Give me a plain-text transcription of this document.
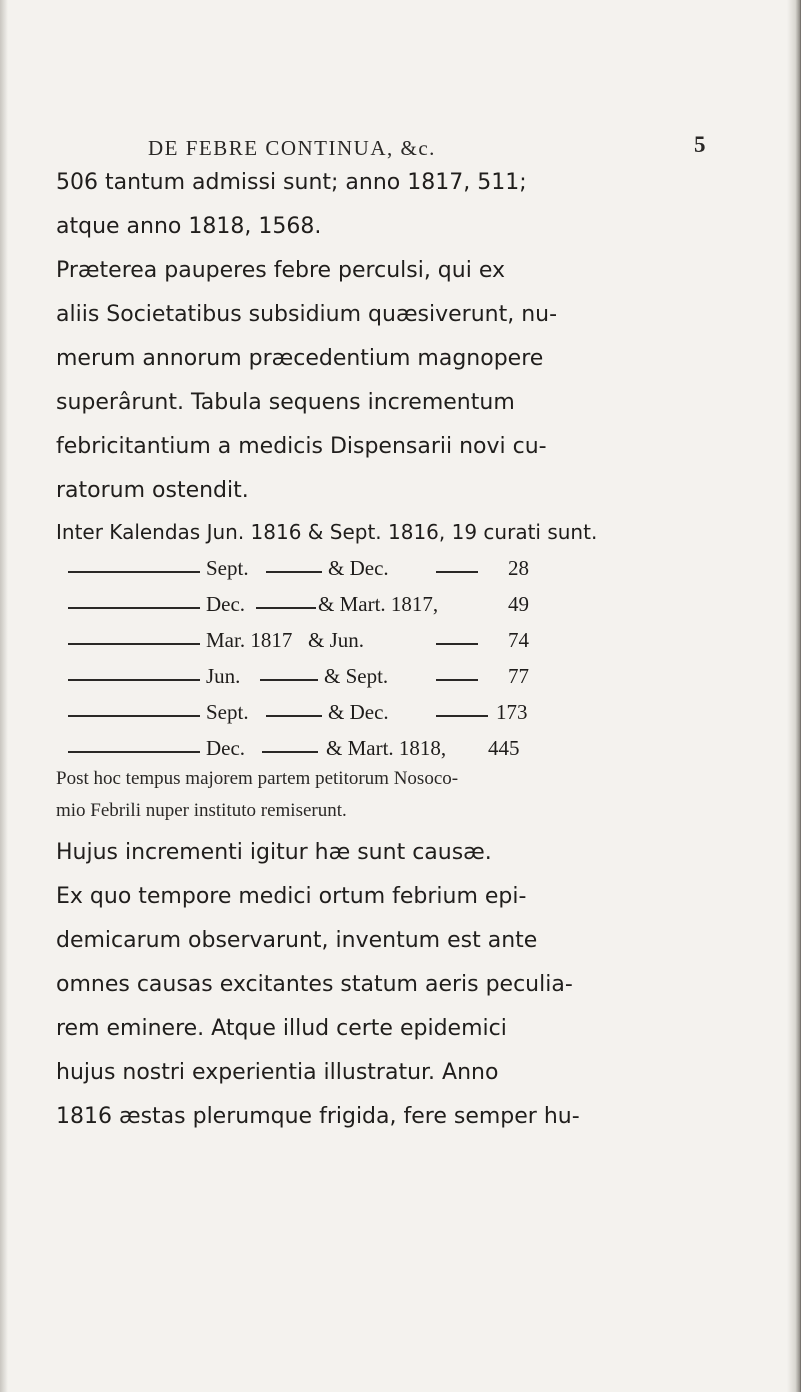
DE FEBRE CONTINUA, &c.	5
506 tantum admissi sunt; anno 1817, 511;
atque anno 1818, 1568.
Præterea pauperes febre perculsi, qui ex
aliis Societatibus subsidium quæsiverunt, nu-
merum annorum præcedentium magnopere
superârunt. Tabula sequens incrementum
febricitantium a medicis Dispensarii novi cu-
ratorum ostendit.
Inter Kalendas Jun. 1816 & Sept. 1816, 19 curati sunt.
Sept.	& Dec.	28
Dec.	& Mart. 1817,	49
Mar. 1817 & Jun.	74
Jun.	& Sept.	77
Sept.	& Dec.	173
Dec.	& Mart. 1818, 445
Post hoc tempus majorem partem petitorum Nosoco-
mio Febrili nuper instituto remiserunt.
Hujus incrementi igitur hæ sunt causæ.
Ex quo tempore medici ortum febrium epi-
demicarum observarunt, inventum est ante
omnes causas excitantes statum aeris peculia-
rem eminere. Atque illud certe epidemici
hujus nostri experientia illustratur. Anno
1816 æstas plerumque frigida, fere semper hu-
